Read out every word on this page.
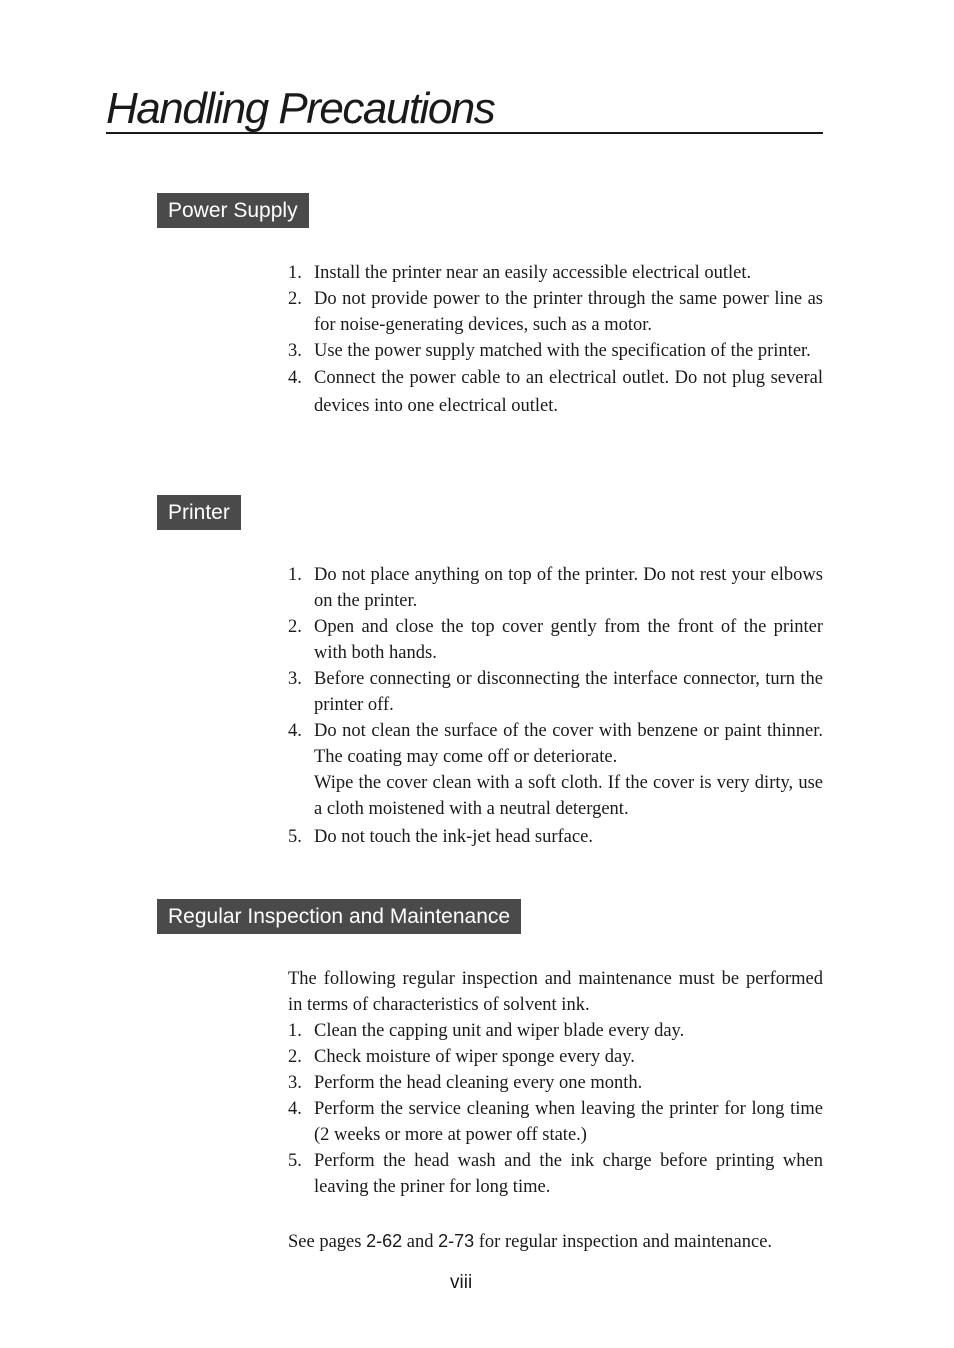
Handling Precautions
Power Supply
1. Install the printer near an easily accessible electrical outlet.
2. Do not provide power to the printer through the same power line as for noise-generating devices, such as a motor.
3. Use the power supply matched with the specification of the printer.
4. Connect the power cable to an electrical outlet. Do not plug several devices into one electrical outlet.
Printer
1. Do not place anything on top of the printer. Do not rest your elbows on the printer.
2. Open and close the top cover gently from the front of the printer with both hands.
3. Before connecting or disconnecting the interface connector, turn the printer off.
4. Do not clean the surface of the cover with benzene or paint thinner. The coating may come off or deteriorate.
Wipe the cover clean with a soft cloth. If the cover is very dirty, use a cloth moistened with a neutral detergent.
5. Do not touch the ink-jet head surface.
Regular Inspection and Maintenance
The following regular inspection and maintenance must be performed in terms of characteristics of solvent ink.
1. Clean the capping unit and wiper blade every day.
2. Check moisture of wiper sponge every day.
3. Perform the head cleaning every one month.
4. Perform the service cleaning when leaving the printer for long time (2 weeks or more at power off state.)
5. Perform the head wash and the ink charge before printing when leaving the priner for long time.
See pages 2-62 and 2-73 for regular inspection and maintenance.
viii
